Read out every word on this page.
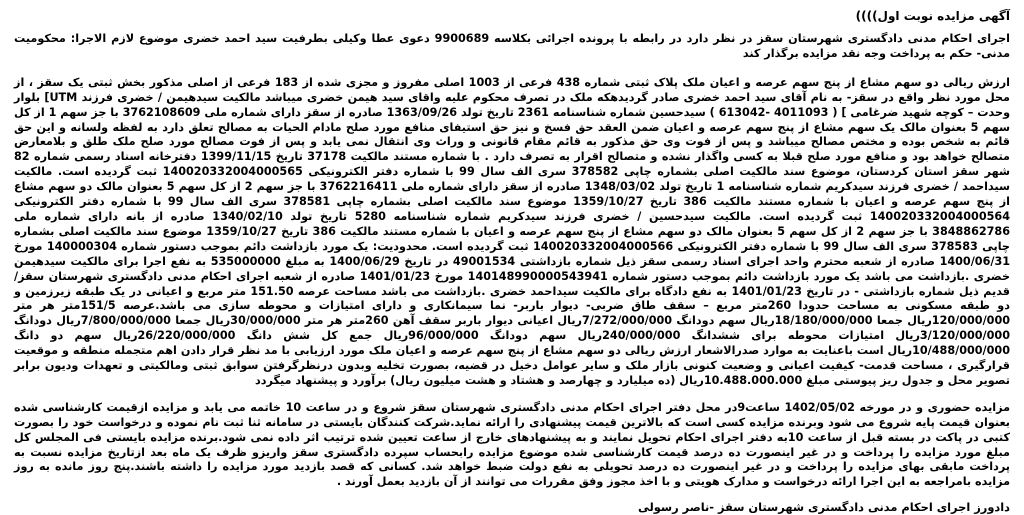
آگهی مزایده نوبت اول))))
اجرای احکام مدنی دادگستری شهرستان سقز در نظر دارد در رابطه با پرونده اجرائی بکلاسه 9900689 دعوی عطا وکیلی بطرفیت سید احمد خضری موضوع لازم الاجرا: محکومیت مدنی- حکم به پرداخت وجه نقد مزایده برگذار کند
ارزش ریالی دو سهم مشاع از پنج سهم عرصه و اعیان ملک پلاک ثبتی شماره 438 فرعی از 1003 اصلی مفروز و مجزی شده از 183 فرعی از اصلی مذکور بخش ثبتی یک سقز ، از محل مورد نظر واقع در سقز- به نام آقای سید احمد خضری صادر گردیدهکه ملک در تصرف محکوم علیه واقای سید هیمن خضری میباشد مالکیت سیدهیمن / خضری فرزند UTM] بلوار وحدت – کوچه شهید ضرغامی ] ( 4011093 -613042 ) سیدحسین شماره شناسنامه 2361 تاریخ تولد 1363/09/26 صادره از سقز دارای شماره ملی 3762108609 با جز سهم 1 از کل سهم 5 بعنوان مالک یک سهم مشاع از پنج سهم عرصه و اعیان ضمن العقد حق فسخ و نیز حق استیفای منافع مورد صلح مادام الحیات به مصالح تعلق دارد به لفظه ولسانه و این حق قائم به شخص بوده و مختص مصالح میباشد و پس از فوت وی حق مذکور به قائم مقام قانونی و وراث وی انتقال نمی یابد و پس از فوت مصالح مورد صلح ملک طلق و بلامعارض متصالح خواهد بود و منافع مورد صلح قبلا به کسی واگذار نشده و متصالح اقرار به تصرف دارد . با شماره مستند مالکیت 37178 تاریخ 1399/11/15 دفترخانه اسناد رسمی شماره 82 شهر سقز استان کردستان، موضوع سند مالکیت اصلی بشماره چاپی 378582 سری الف سال 99 با شماره دفتر الکترونیکی 140020332004000565 ثبت گردیده است. مالکیت سیداحمد / خضری فرزند سیدکریم شماره شناسنامه 1 تاریخ تولد 1348/03/02 صادره از سقز دارای شماره ملی 3762216411 با جز سهم 2 از کل سهم 5 بعنوان مالک دو سهم مشاع از پنج سهم عرصه و اعیان با شماره مستند مالکیت 386 تاریخ 1359/10/27 موضوع سند مالکیت اصلی بشماره چاپی 378581 سری الف سال 99 با شماره دفتر الکترونیکی 140020332004000564 ثبت گردیده است. مالکیت سیدحسین / خضری فرزند سیدکریم شماره شناسنامه 5280 تاریخ تولد 1340/02/10 صادره از بانه دارای شماره ملی 3848862786 با جز سهم 2 از کل سهم 5 بعنوان مالک دو سهم مشاع از پنج سهم عرصه و اعیان با شماره مستند مالکیت 386 تاریخ 1359/10/27 موضوع سند مالکیت اصلی بشماره چاپی 378583 سری الف سال 99 با شماره دفتر الکترونیکی 140020332004000566 ثبت گردیده است. محدودیت: یک مورد بازداشت دائم بموجب دستور شماره 140000304 مورخ 1400/06/31 صادره از شعبه محترم واحد اجرای اسناد رسمی سقز ذیل شماره بازداشتی 49001534 در تاریخ 1400/06/29 به مبلغ 535000000 به نفع اجرا برای مالکیت سیدهیمن خضری .بازداشت می باشد یک مورد بازداشت دائم بموجب دستور شماره 140148990000543941 مورخ 1401/01/23 صادره از شعبه اجرای احکام مدنی دادگستری شهرستان سقز/قدیم ذیل شماره بازداشتی - در تاریخ 1401/01/23 به نفع دادگاه برای مالکیت سیداحمد خضری .بازداشت می باشد مساحت عرصه 151.50 متر مربع و اعیانی در یک طبقه زیرزمین و دو طبقه مسکونی به مساحت حدودا 260متر مربع – سقف طاق ضربی- دیوار باربر- نما سیمانکاری و دارای امتیازات و محوطه سازی می باشد.عرصه 151/5متر هر متر 120/000/000ریال جمعا 18/180/000/000ریال سهم دودانگ 7/272/000/000ریال اعیانی دیوار باربر سقف آهن 260متر هر متر 30/000/000ریال جمعا 7/800/000/000ریال دودانگ 3/120/000/000ریال امتیازات محوطه برای ششدانگ 240/000/000ریال سهم دودانگ 96/000/000ریال جمع کل شش دانگ 26/220/000/000ریال سهم دو دانگ 10/488/000/000ریال است باعنایت به موارد صدرالاشعار ارزش ریالی دو سهم مشاع از پنج سهم عرصه و اعیان ملک مورد ارزیابی با مد نظر قرار دادن اهم متجمله منطقه و موقعیت قرارگیری ، مساحت قدمت- کیفیت اعیانی و وضعیت کنونی بازار ملک و سایر عوامل دخیل در قضیه، بصورت تخلیه وبدون درنظرگرفتن سوابق ثبتی ومالکیتی و تعهدات ودیون برابر تصویر محل و جدول ریز پیوستی مبلغ 10.488.000.000ریال (ده میلیارد و چهارصد و هشتاد و هشت میلیون ریال) برآورد و پیشنهاد میگردد
مزایده حضوری و در مورخه 1402/05/02 ساعت9در محل دفتر اجرای احکام مدنی دادگستری شهرستان سقز شروع و در ساعت 10 خاتمه می یابد و مزایده ازقیمت کارشناسی شده بعنوان قیمت پایه شروع می شود وبرنده مزایده کسی است که بالاترین قیمت پیشنهادی را ارائه نماید.شرکت کنندگان بایستی در سامانه ثنا ثبت نام نموده و درخواست خود را بصورت کتبی در پاکت در بسته قبل از ساعت 10به دفتر اجرای احکام تحویل نمایند و به پیشنهادهای خارج از ساعت تعیین شده ترتیب اثر داده نمی شود.برنده مزایده بایستی فی المجلس کل مبلغ مورد مزایده را پرداخت و در غیر اینصورت ده درصد قیمت کارشناسی شده موضوع مزایده رابحساب سپرده دادگستری سقز واریزو ظرف یک ماه بعد ازتاریخ مزایده نسبت به پرداخت مابقی بهای مزایده را پرداخت و در غیر اینصورت ده درصد تحویلی به نفع دولت ضبط خواهد شد. کسانی که قصد بازدید مورد مزایده را داشته باشند.پنج روز مانده به روز مزایده بامراجعه به این اجرا ارائه درخواست و مدارک هویتی و با اخذ مجوز وفق مقررات می توانند از آن بازدید بعمل آورند .
دادورز اجرای احکام مدنی دادگستری شهرستان سقز -ناصر رسولی
